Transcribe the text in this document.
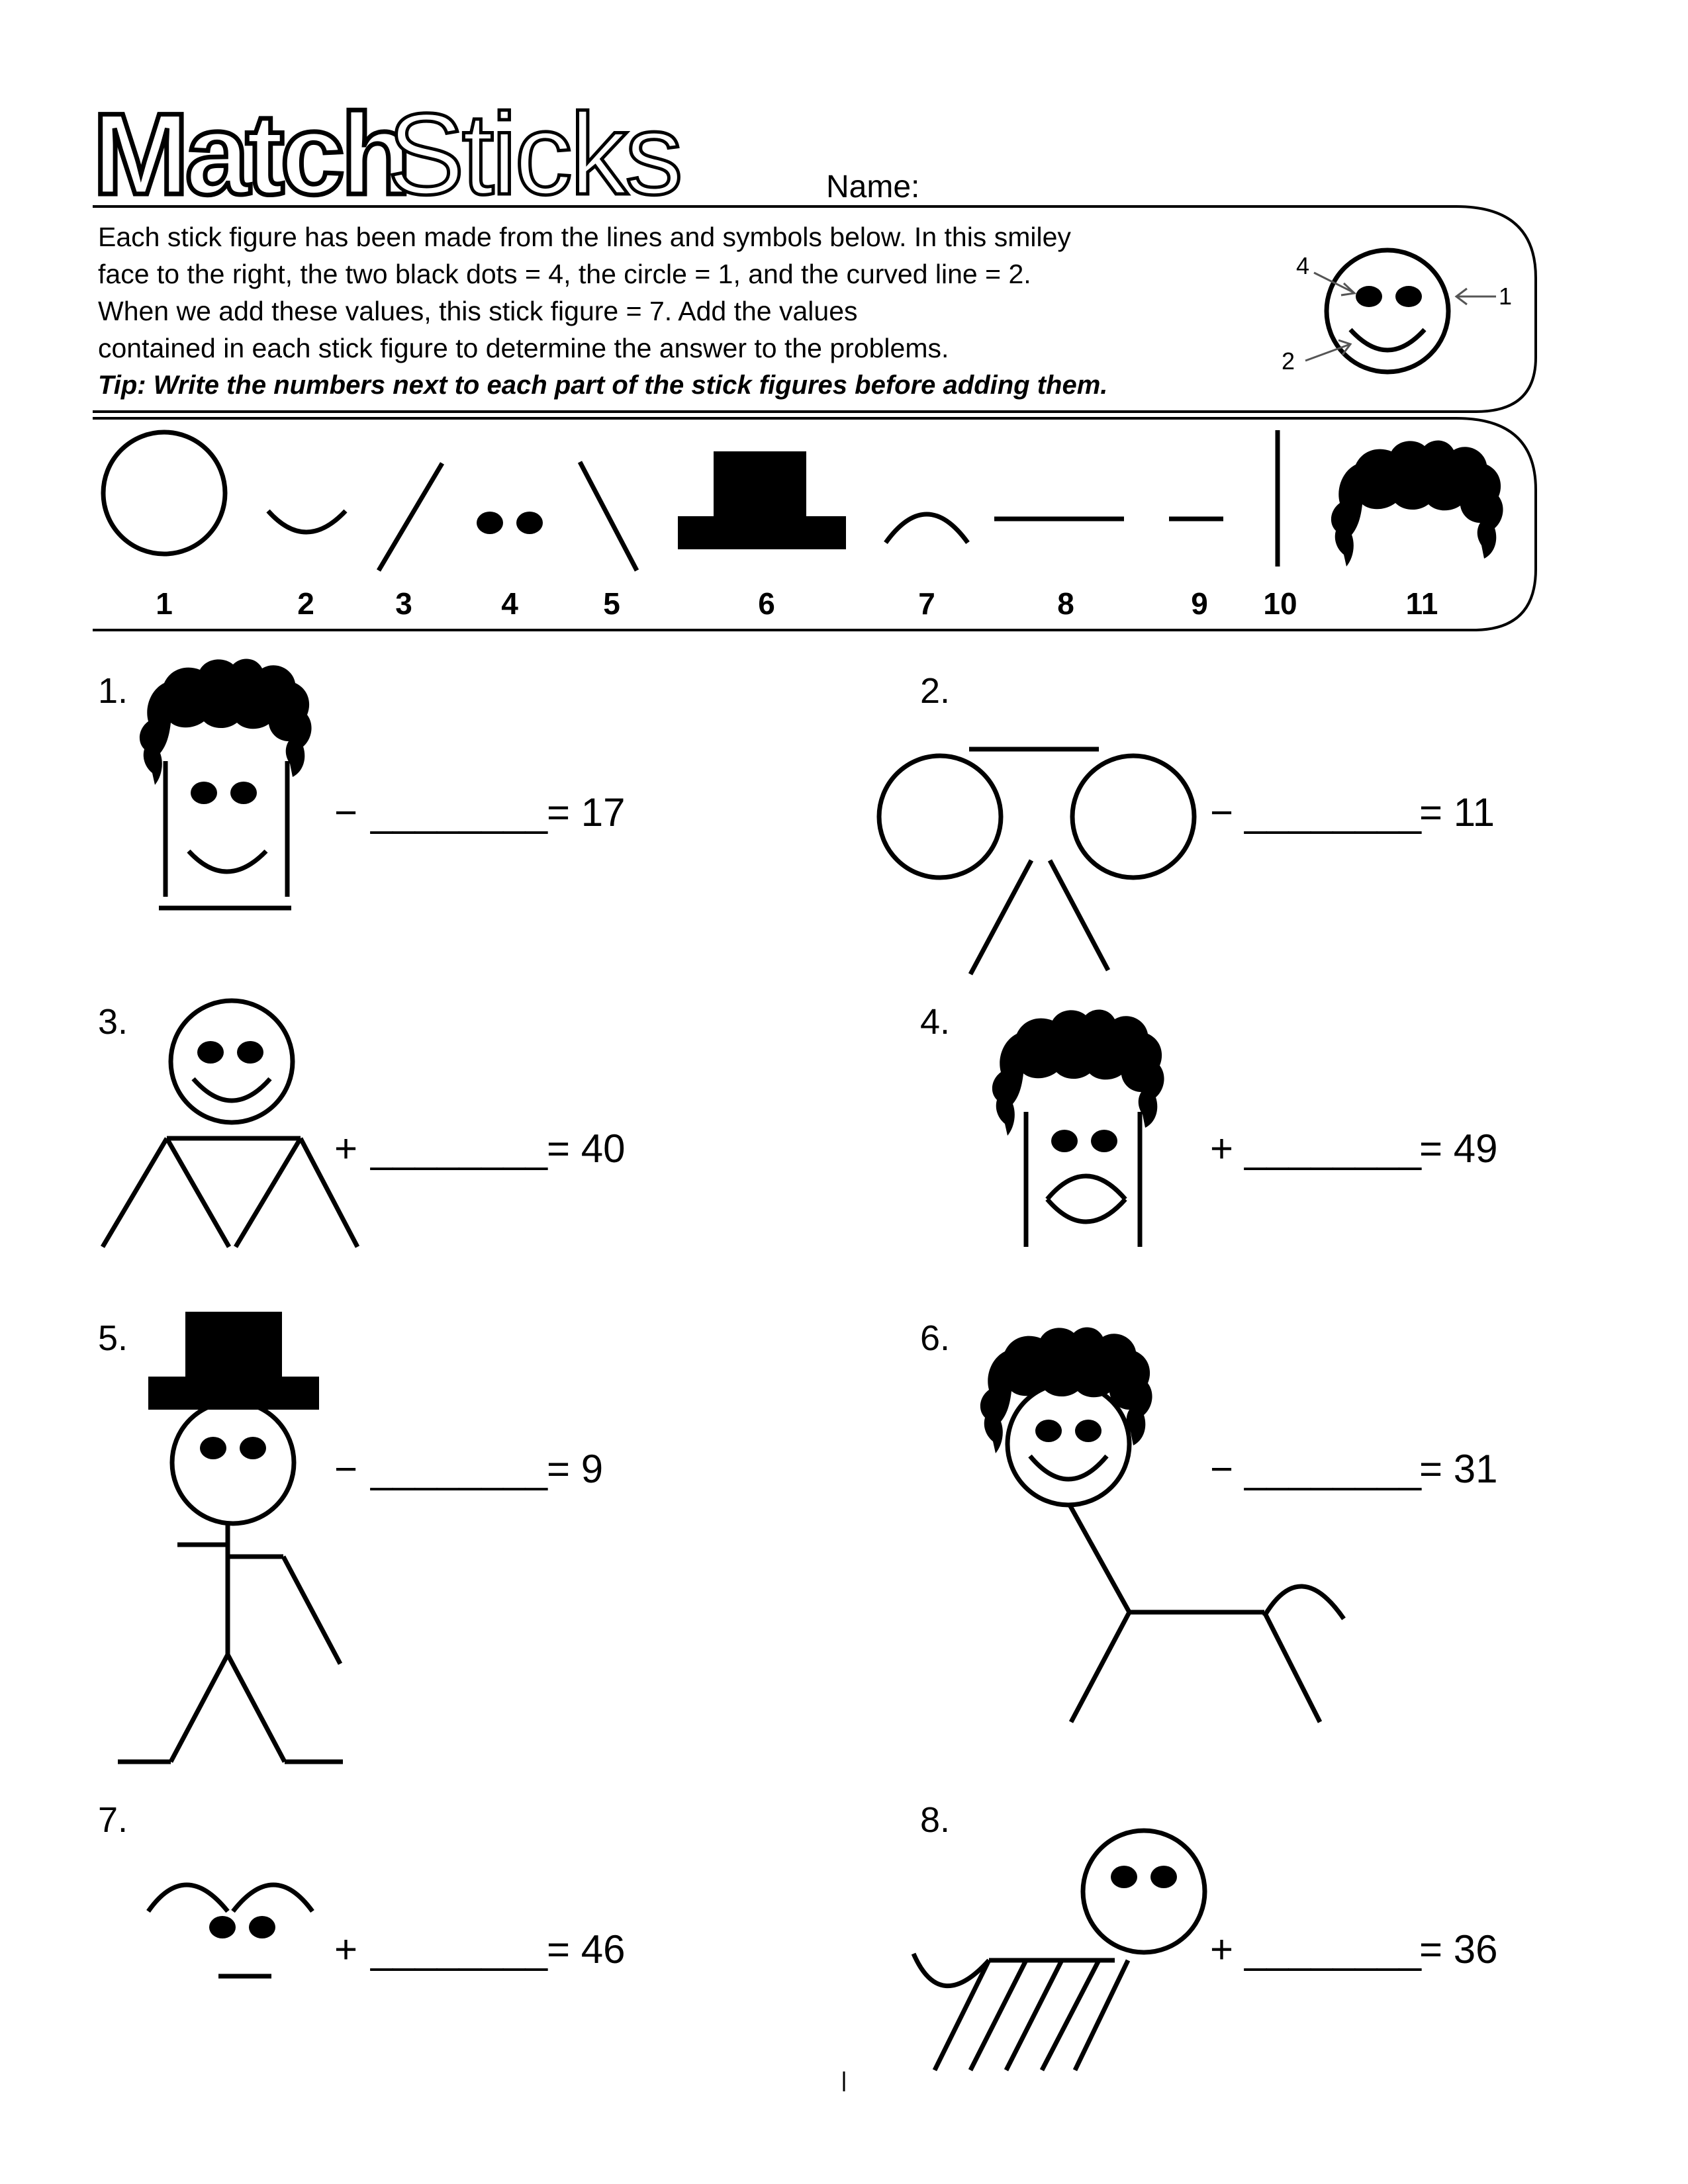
Match
Sticks	Name:
4
1
2
1	2	3	4	5	6	7	8	9 10	11
1.	2.
3.	4.
5.	6.
7.	8.
− ________ = 17	− ________
= 11
+ ________ = 40	+ ________
= 49
− ________ = 9	− ________
= 31
+ ________ = 46	+ ________
= 36

Each stick figure has been made from the lines and symbols below. In this smiley

face to the right, the two black dots = 4, the circle = 1, and the curved line = 2.

When we add these values, this stick figure = 7. Add the values

contained in each stick figure to determine the answer to the problems.

Tip: Write the numbers next to each part of the stick figures before adding them.
